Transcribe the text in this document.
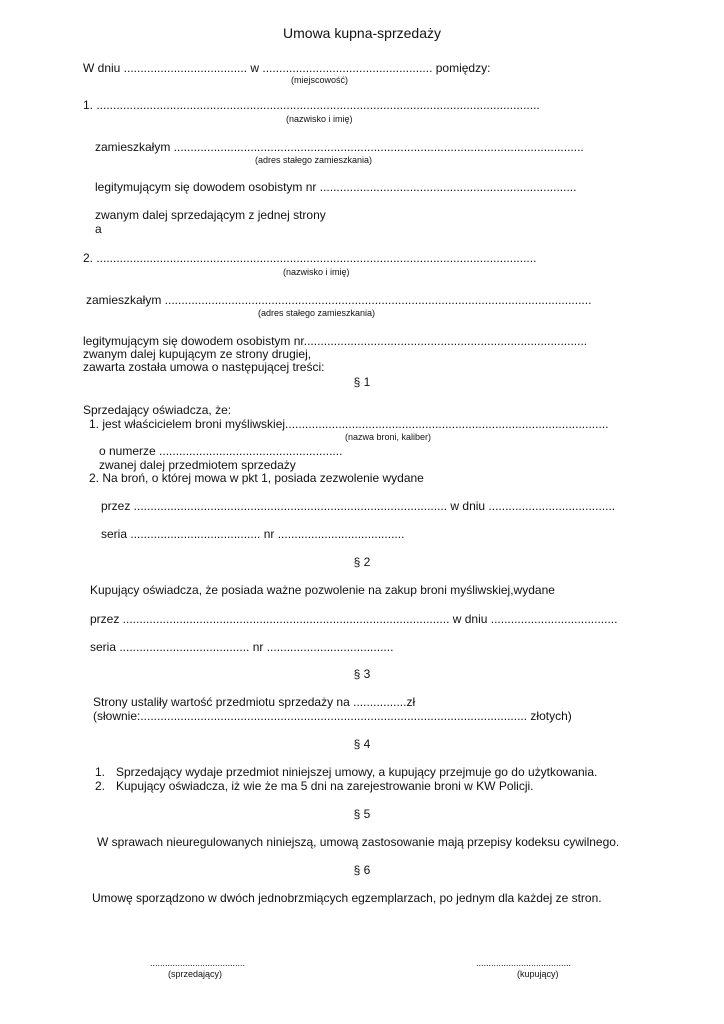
Umowa kupna-sprzedaży
W dniu ..................................... w ................................................... pomiędzy:
(miejscowość)
1. .....................................................................................................................................
(nazwisko i imię)
zamieszkałym ...........................................................................................................................
(adres stałego zamieszkania)
legitymującym się dowodem osobistym nr .............................................................................
zwanym dalej sprzedającym z jednej strony
a
2. ....................................................................................................................................
(nazwisko i imię)
zamieszkałym ................................................................................................................................
(adres stałego zamieszkania)
legitymującym się dowodem osobistym nr.....................................................................................
zwanym dalej kupującym ze strony drugiej,
zawarta została umowa o następującej treści:
§ 1
Sprzedający oświadcza, że:
1. jest właścicielem broni myśliwskiej.................................................................................................
(nazwa broni, kaliber)
o numerze .......................................................
zwanej dalej przedmiotem sprzedaży
2. Na broń, o której mowa w pkt 1, posiada zezwolenie wydane
przez .............................................................................................. w dniu ......................................
seria ....................................... nr ......................................
§ 2
Kupujący oświadcza, że posiada ważne pozwolenie na zakup broni myśliwskiej,wydane
przez .................................................................................................. w dniu ......................................
seria ....................................... nr ......................................
§ 3
Strony ustaliły wartość przedmiotu sprzedaży na ................zł
(słownie:.................................................................................................................... złotych)
§ 4
1. Sprzedający wydaje przedmiot niniejszej umowy, a kupujący przejmuje go do użytkowania.
2. Kupujący oświadcza, iż wie że ma 5 dni na zarejestrowanie broni w KW Policji.
§ 5
W sprawach nieuregulowanych niniejszą, umową zastosowanie mają przepisy kodeksu cywilnego.
§ 6
Umowę sporządzono w dwóch jednobrzmiących egzemplarzach, po jednym dla każdej ze stron.
......................................
(sprzedający)
......................................
(kupujący)
